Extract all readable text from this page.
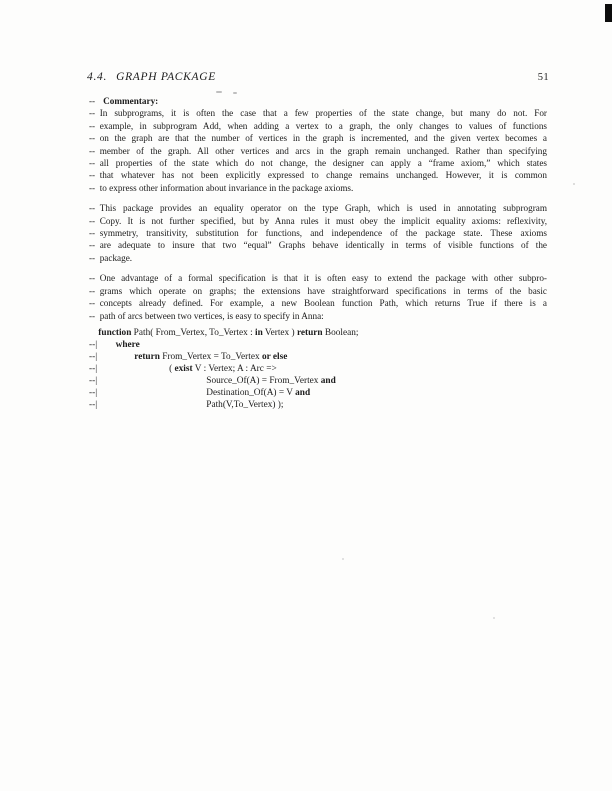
4.4. GRAPH PACKAGE	51
-- Commentary:
-- In subprograms, it is often the case that a few properties of the state change, but many do not. For
-- example, in subprogram Add, when adding a vertex to a graph, the only changes to values of functions
-- on the graph are that the number of vertices in the graph is incremented, and the given vertex becomes a
-- member of the graph. All other vertices and arcs in the graph remain unchanged. Rather than specifying
-- all properties of the state which do not change, the designer can apply a “frame axiom,” which states
-- that whatever has not been explicitly expressed to change remains unchanged. However, it is common
-- to express other information about invariance in the package axioms.
-- This package provides an equality operator on the type Graph, which is used in annotating subprogram
-- Copy. It is not further specified, but by Anna rules it must obey the implicit equality axioms: reflexivity,
-- symmetry, transitivity, substitution for functions, and independence of the package state. These axioms
-- are adequate to insure that two “equal” Graphs behave identically in terms of visible functions of the
-- package.
-- One advantage of a formal specification is that it is often easy to extend the package with other subpro-
-- grams which operate on graphs; the extensions have straightforward specifications in terms of the basic
-- concepts already defined. For example, a new Boolean function Path, which returns True if there is a
-- path of arcs between two vertices, is easy to specify in Anna:
function Path( From_Vertex, To_Vertex : in Vertex ) return Boolean;
--|        where
--|                return From_Vertex = To_Vertex or else
--|                               ( exist V : Vertex; A : Arc =>
--|                                               Source_Of(A) = From_Vertex and
--|                                               Destination_Of(A) = V and
--|                                               Path(V,To_Vertex) );
